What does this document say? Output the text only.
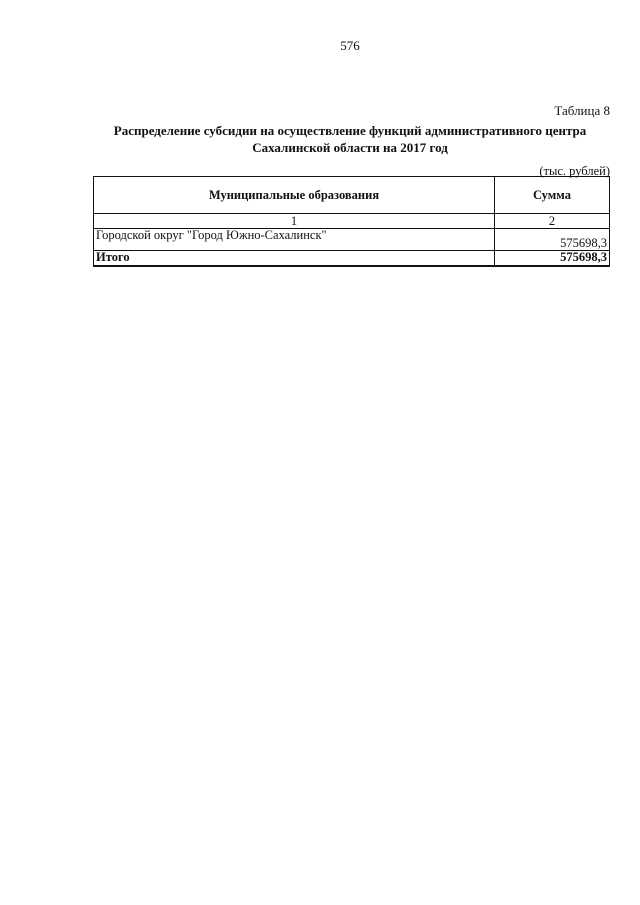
576
Таблица 8
Распределение субсидии на осуществление функций административного центра
Сахалинской области на 2017 год
(тыс. рублей)
Муниципальные образования	Сумма
1	2
Городской округ "Город Южно-Сахалинск"	575698,3
Итого	575698,3
